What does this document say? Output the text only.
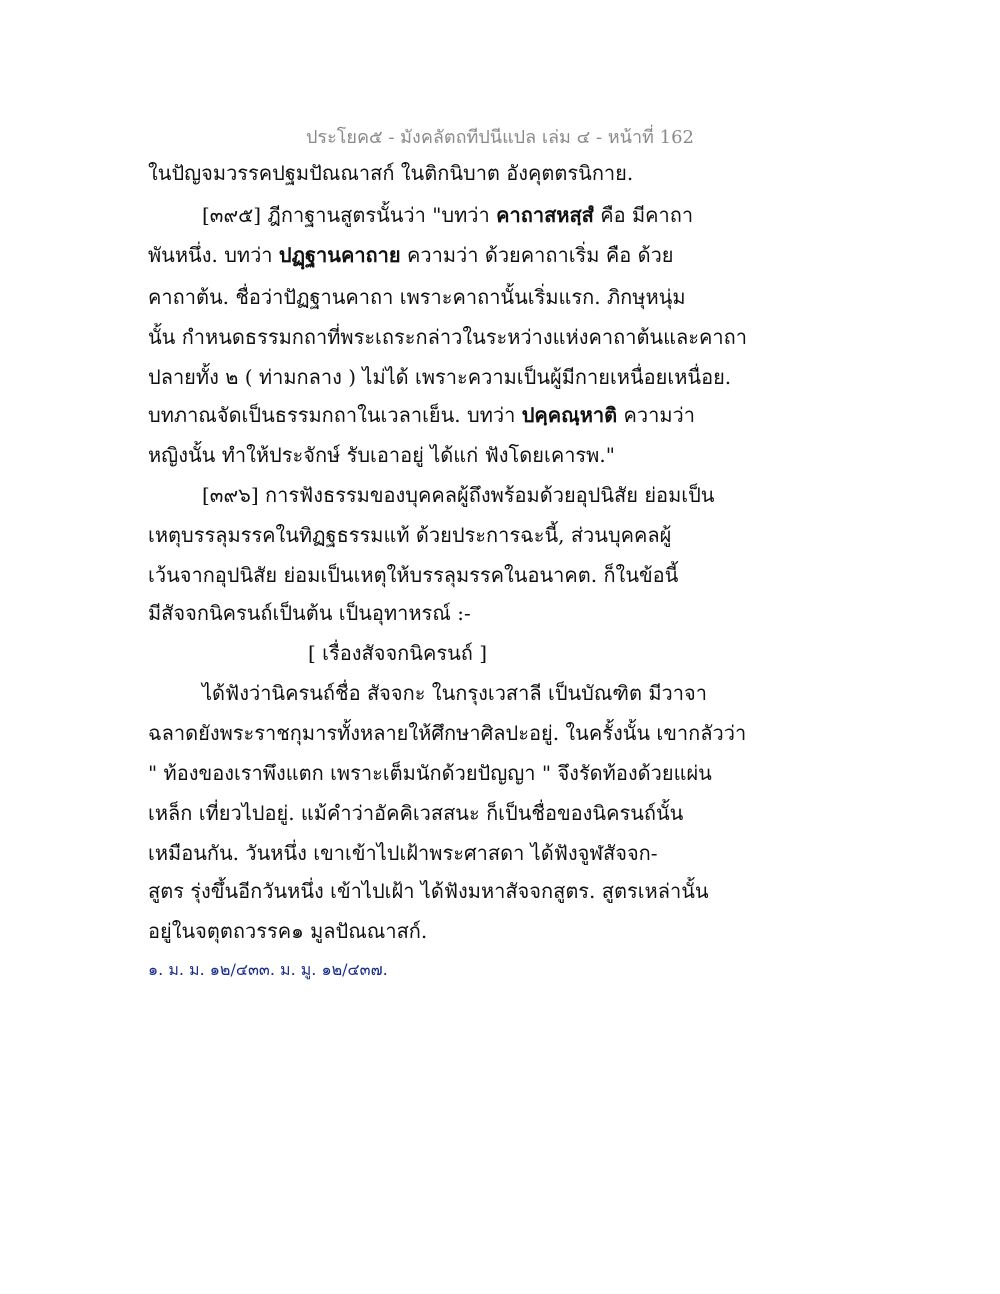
ประโยค๕ - มังคลัตถทีปนีแปล เล่ม ๔ - หน้าที่ 162
ในปัญจมวรรคปฐมปัณณาสก์ ในติกนิบาต อังคุตตรนิกาย.
[๓๙๕] ฎีกาฐานสูตรนั้นว่า "บทว่า คาถาสหสฺสํ คือ มีคาถา
พันหนึ่ง. บทว่า ปฏฺฐานคาถาย ความว่า ด้วยคาถาเริ่ม คือ ด้วย
คาถาต้น. ชื่อว่าปัฏฐานคาถา เพราะคาถานั้นเริ่มแรก. ภิกษุหนุ่ม
นั้น กำหนดธรรมกถาที่พระเถระกล่าวในระหว่างแห่งคาถาต้นและคาถา
ปลายทั้ง ๒ ( ท่ามกลาง ) ไม่ได้ เพราะความเป็นผู้มีกายเหนื่อยเหนื่อย.
บทภาณจัดเป็นธรรมกถาในเวลาเย็น. บทว่า ปคฺคณฺหาติ ความว่า
หญิงนั้น ทำให้ประจักษ์ รับเอาอยู่ ได้แก่ ฟังโดยเคารพ."
[๓๙๖] การฟังธรรมของบุคคลผู้ถึงพร้อมด้วยอุปนิสัย ย่อมเป็น
เหตุบรรลุมรรคในทิฏฐธรรมแท้ ด้วยประการฉะนี้, ส่วนบุคคลผู้
เว้นจากอุปนิสัย ย่อมเป็นเหตุให้บรรลุมรรคในอนาคต. ก็ในข้อนี้
มีสัจจกนิครนถ์เป็นต้น เป็นอุทาหรณ์ :-
[ เรื่องสัจจกนิครนถ์ ]
ได้ฟังว่านิครนถ์ชื่อ สัจจกะ ในกรุงเวสาลี เป็นบัณฑิต มีวาจา
ฉลาดยังพระราชกุมารทั้งหลายให้ศึกษาศิลปะอยู่. ในครั้งนั้น เขากลัวว่า
" ท้องของเราพึงแตก เพราะเต็มนักด้วยปัญญา " จึงรัดท้องด้วยแผ่น
เหล็ก เที่ยวไปอยู่. แม้คำว่าอัคคิเวสสนะ ก็เป็นชื่อของนิครนถ์นั้น
เหมือนกัน. วันหนึ่ง เขาเข้าไปเฝ้าพระศาสดา ได้ฟังจูฬสัจจก-
สูตร รุ่งขึ้นอีกวันหนึ่ง เข้าไปเฝ้า ได้ฟังมหาสัจจกสูตร. สูตรเหล่านั้น
อยู่ในจตุตถวรรค๑ มูลปัณณาสก์.
๑. ม. ม. ๑๒/๔๓๓. ม. มู. ๑๒/๔๓๗.
